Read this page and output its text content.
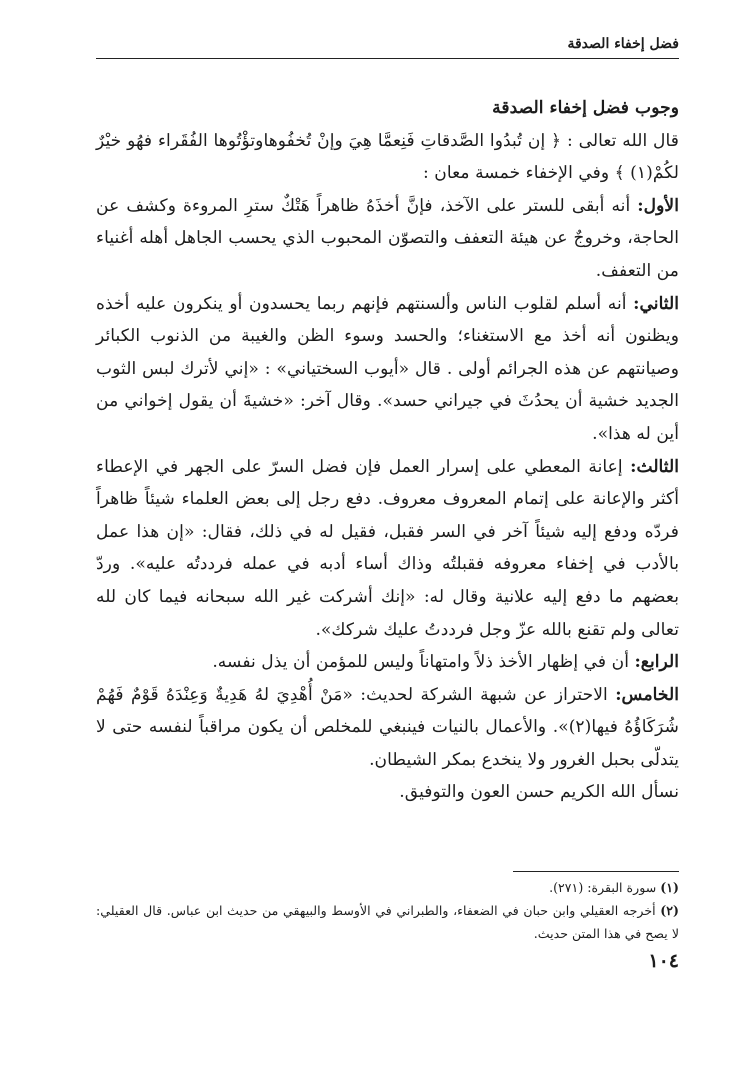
فضل إخفاء الصدقة

وجوب فضل إخفاء الصدقة

قال الله تعالى : ﴿ إن تُبدُوا الصَّدقاتِ فَنِعمَّا هِيَ وإنْ تُخفُوهاوتؤْتُوها الفُقَراء فهُو خيْرٌ لكُمْ(١) ﴾ وفي الإخفاء خمسة معان :

الأول: أنه أبقى للستر على الآخذ، فإنَّ أخذَهُ ظاهراً هَتْكٌ سترِ المروءة وكشف عن الحاجة، وخروجٌ عن هيئة التعفف والتصوّن المحبوب الذي يحسب الجاهل أهله أغنياء من التعفف.

الثاني: أنه أسلم لقلوب الناس وألسنتهم فإنهم ربما يحسدون أو ينكرون عليه أخذه ويظنون أنه أخذ مع الاستغناء؛ والحسد وسوء الظن والغيبة من الذنوب الكبائر وصيانتهم عن هذه الجرائم أولى . قال «أيوب السختياني» : «إني لأترك لبس الثوب الجديد خشية أن يحدُثَ في جيراني حسد». وقال آخر: «خشيةَ أن يقول إخواني من أين له هذا».

الثالث: إعانة المعطي على إسرار العمل فإن فضل السرّ على الجهر في الإعطاء أكثر والإعانة على إتمام المعروف معروف. دفع رجل إلى بعض العلماء شيئاً ظاهراً فردّه ودفع إليه شيئاً آخر في السر فقبل، فقيل له في ذلك، فقال: «إن هذا عمل بالأدب في إخفاء معروفه فقبلتُه وذاك أساء أدبه في عمله فرددتُه عليه». وردّ بعضهم ما دفع إليه علانية وقال له: «إنك أشركت غير الله سبحانه فيما كان لله تعالى ولم تقنع بالله عزّ وجل فرددتُ عليك شركك».

الرابع: أن في إظهار الأخذ ذلاً وامتهاناً وليس للمؤمن أن يذل نفسه.

الخامس: الاحتراز عن شبهة الشركة لحديث: «مَنْ أُهْدِيَ لهُ هَدِيةٌ وَعِنْدَهُ قَوْمٌ فَهُمْ شُرَكَاؤُهُ فيها(٢)». والأعمال بالنيات فينبغي للمخلص أن يكون مراقباً لنفسه حتى لا يتدلّى بحبل الغرور ولا ينخدع بمكر الشيطان.

نسأل الله الكريم حسن العون والتوفيق.

(١) سورة البقرة: (٢٧١).

(٢) أخرجه العقيلي وابن حبان في الضعفاء، والطبراني في الأوسط والبيهقي من حديث ابن عباس. قال العقيلي: لا يصح في هذا المتن حديث.

١٠٤
